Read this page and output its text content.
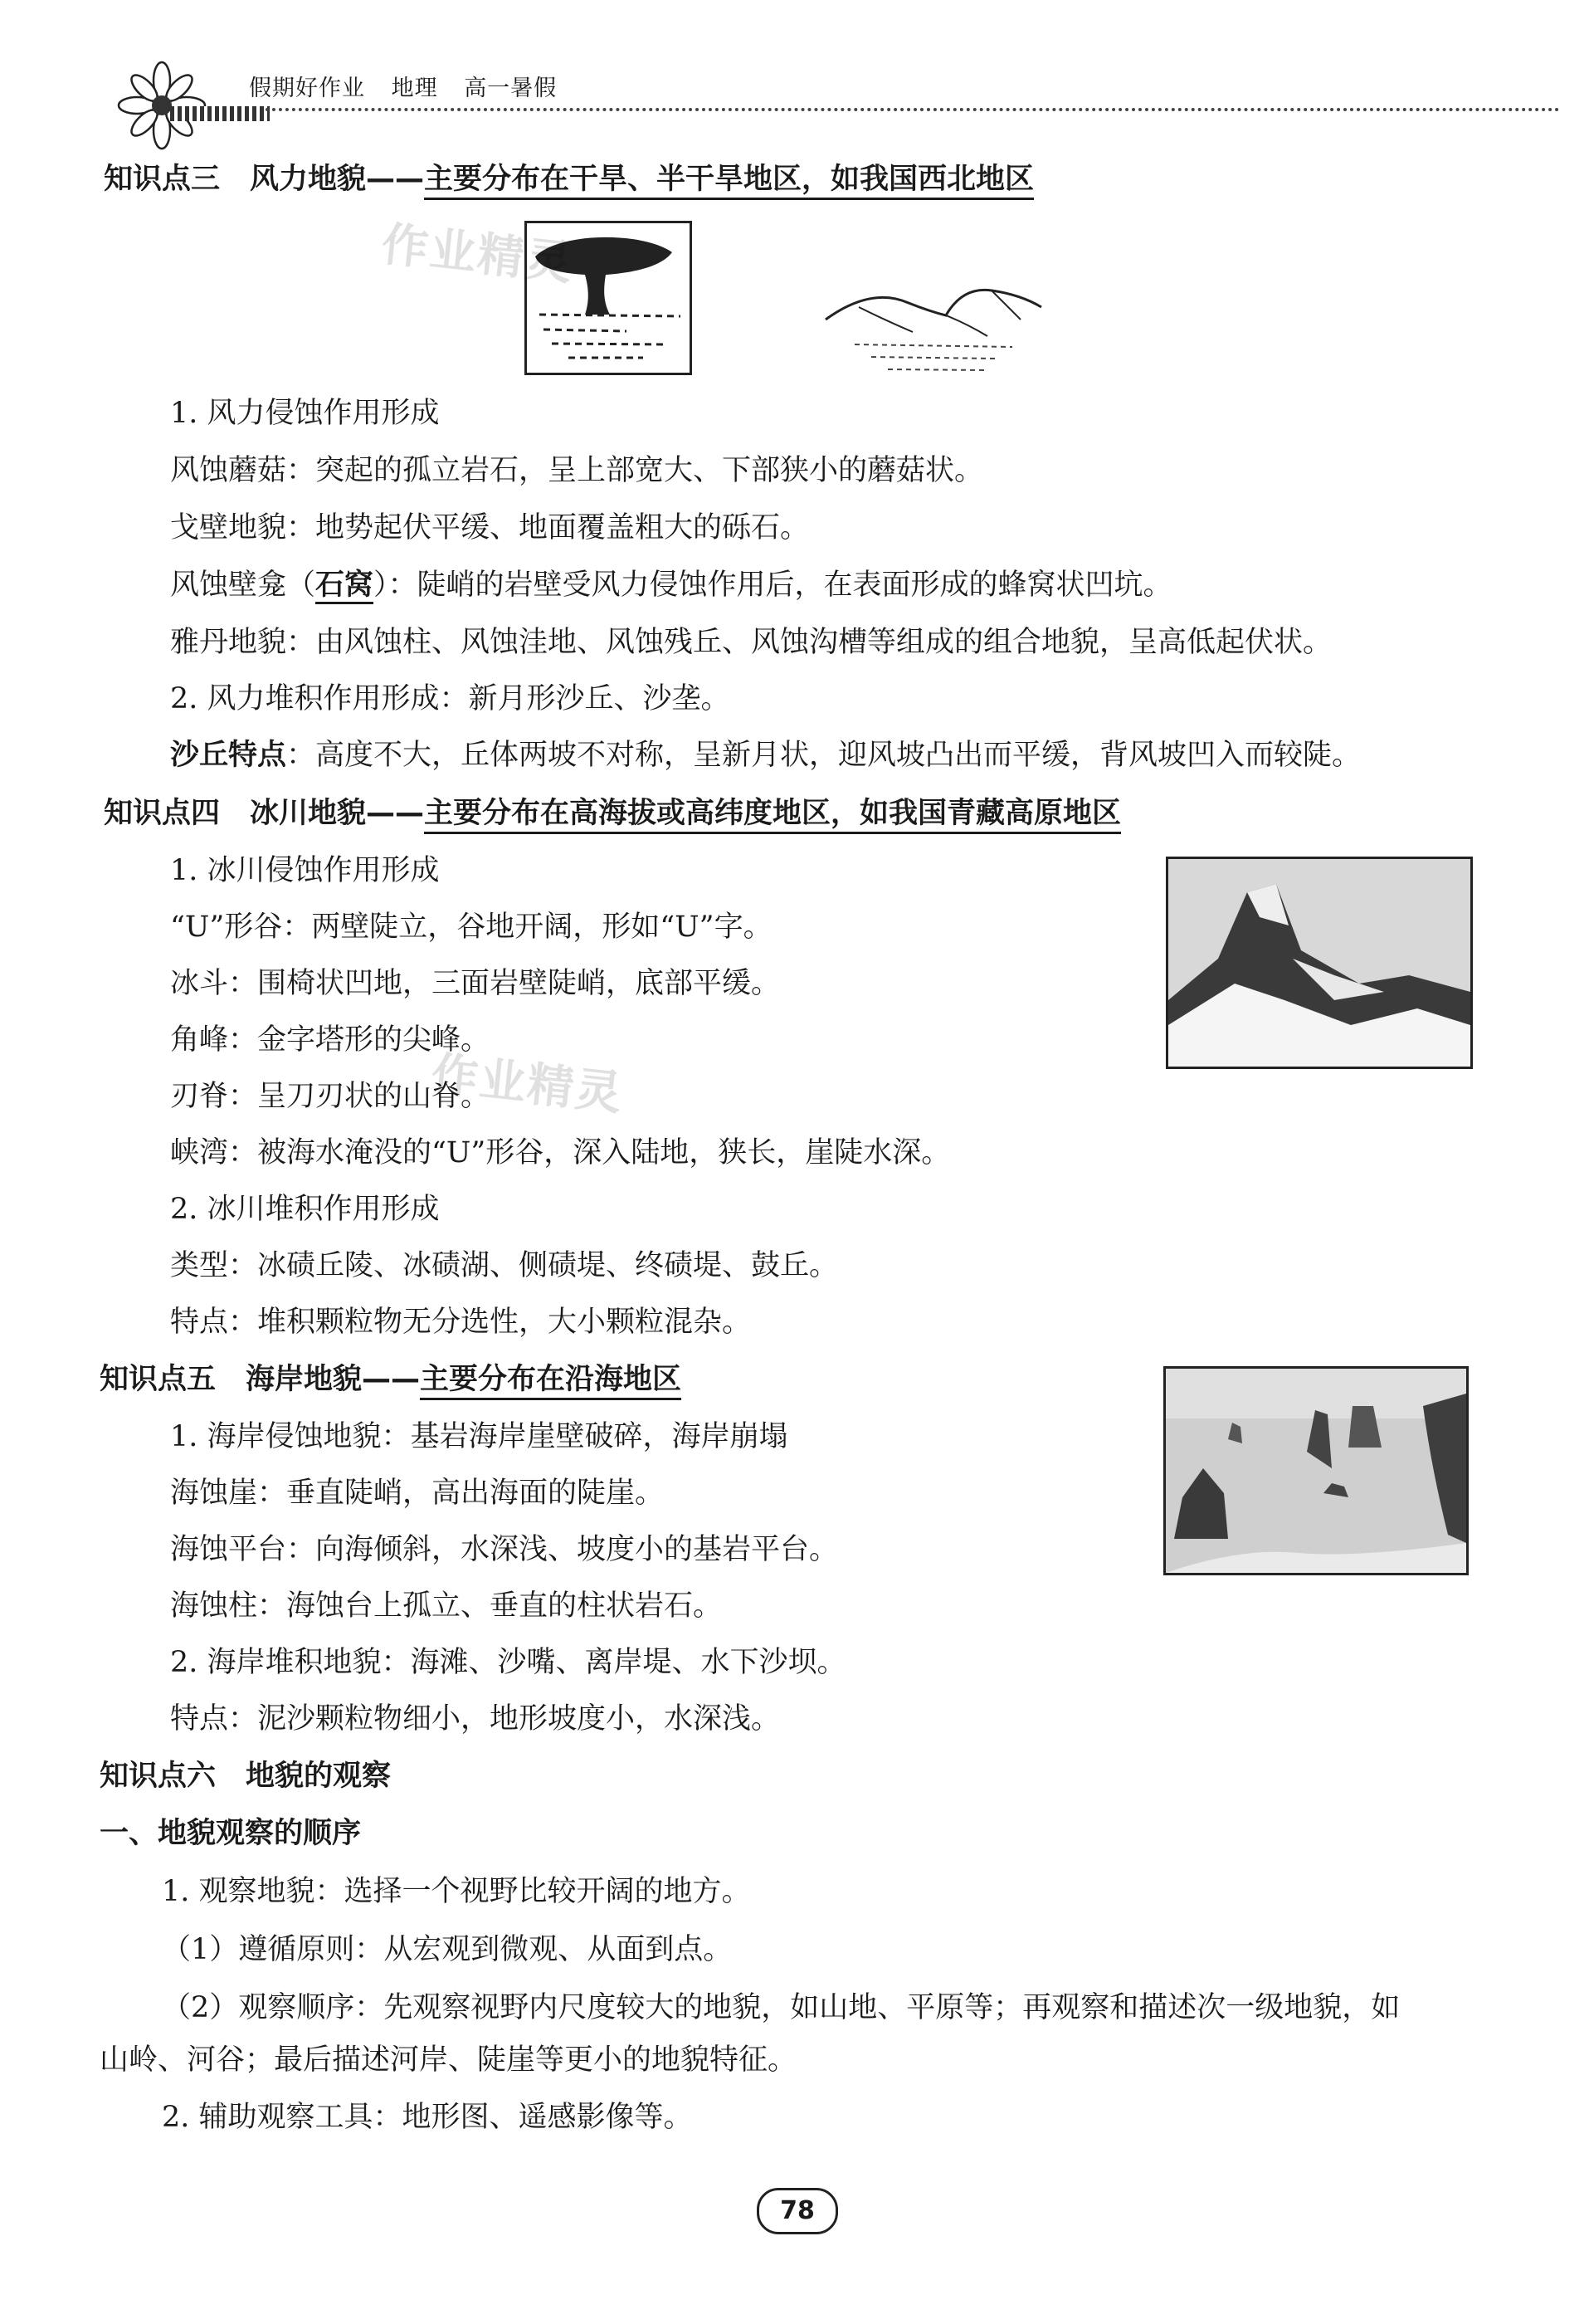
假期好作业 地理 高一暑假
知识点三 风力地貌——主要分布在干旱、半干旱地区，如我国西北地区
作业精灵
1. 风力侵蚀作用形成
风蚀蘑菇：突起的孤立岩石，呈上部宽大、下部狭小的蘑菇状。
戈壁地貌：地势起伏平缓、地面覆盖粗大的砾石。
风蚀壁龛（石窝）：陡峭的岩壁受风力侵蚀作用后，在表面形成的蜂窝状凹坑。
雅丹地貌：由风蚀柱、风蚀洼地、风蚀残丘、风蚀沟槽等组成的组合地貌，呈高低起伏状。
2. 风力堆积作用形成：新月形沙丘、沙垄。
沙丘特点：高度不大，丘体两坡不对称，呈新月状，迎风坡凸出而平缓，背风坡凹入而较陡。
知识点四 冰川地貌——主要分布在高海拔或高纬度地区，如我国青藏高原地区
1. 冰川侵蚀作用形成
“U”形谷：两壁陡立，谷地开阔，形如“U”字。
冰斗：围椅状凹地，三面岩壁陡峭，底部平缓。
角峰：金字塔形的尖峰。
作业精灵
刃脊：呈刀刃状的山脊。
峡湾：被海水淹没的“U”形谷，深入陆地，狭长，崖陡水深。
2. 冰川堆积作用形成
类型：冰碛丘陵、冰碛湖、侧碛堤、终碛堤、鼓丘。
特点：堆积颗粒物无分选性，大小颗粒混杂。
知识点五 海岸地貌——主要分布在沿海地区
1. 海岸侵蚀地貌：基岩海岸崖壁破碎，海岸崩塌
海蚀崖：垂直陡峭，高出海面的陡崖。
海蚀平台：向海倾斜，水深浅、坡度小的基岩平台。
海蚀柱：海蚀台上孤立、垂直的柱状岩石。
2. 海岸堆积地貌：海滩、沙嘴、离岸堤、水下沙坝。
特点：泥沙颗粒物细小，地形坡度小，水深浅。
知识点六 地貌的观察
一、地貌观察的顺序
1. 观察地貌：选择一个视野比较开阔的地方。
（1）遵循原则：从宏观到微观、从面到点。
（2）观察顺序：先观察视野内尺度较大的地貌，如山地、平原等；再观察和描述次一级地貌，如
山岭、河谷；最后描述河岸、陡崖等更小的地貌特征。
2. 辅助观察工具：地形图、遥感影像等。
78
